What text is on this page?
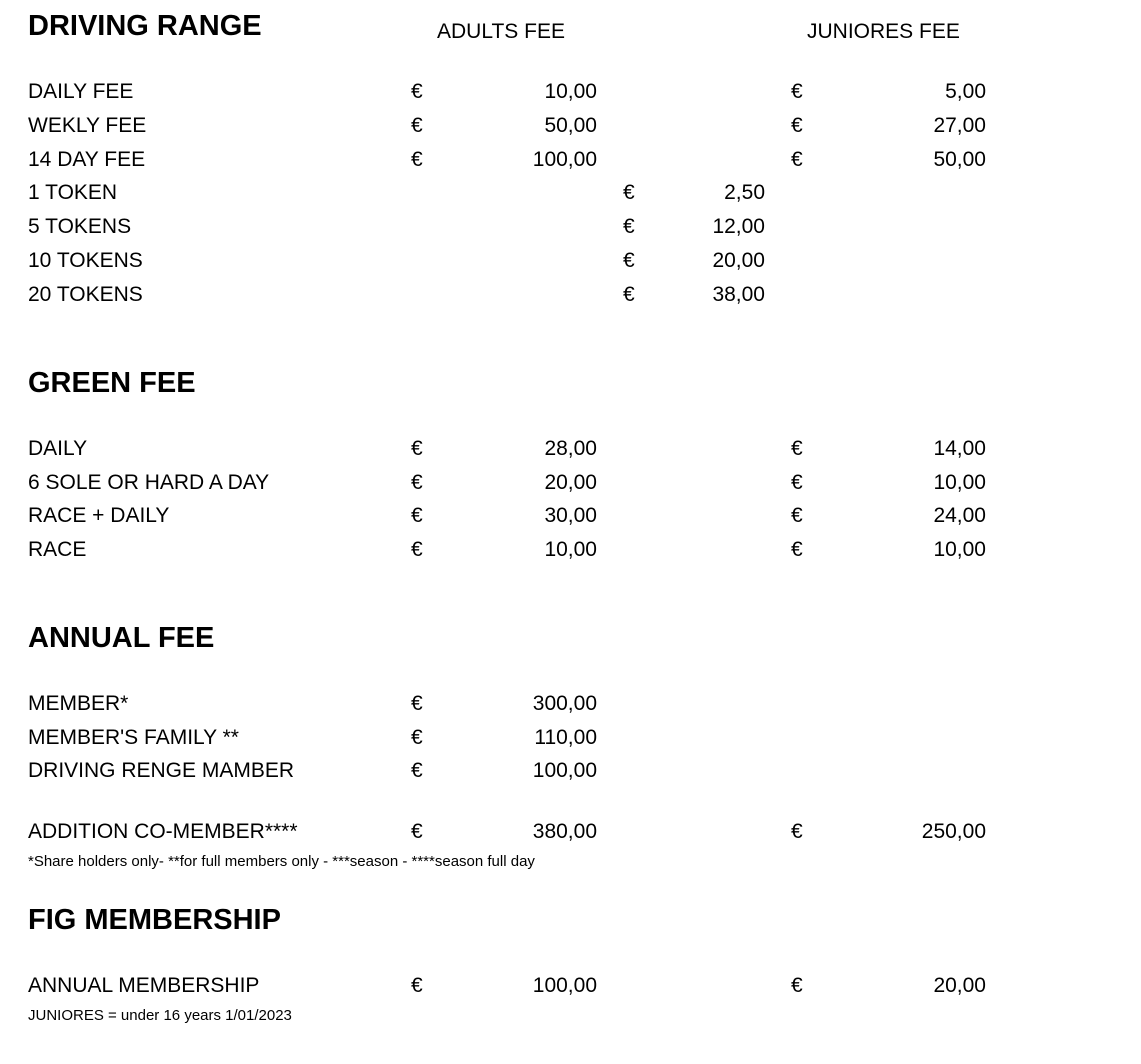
DRIVING RANGE	ADULTS FEE	JUNIORES FEE
DAILY FEE	€	10,00	€	5,00
WEKLY FEE	€	50,00	€	27,00
14 DAY FEE	€	100,00	€	50,00
1 TOKEN	€	2,50
5 TOKENS	€	12,00
10 TOKENS	€	20,00
20 TOKENS	€	38,00
GREEN FEE
DAILY	€	28,00	€	14,00
6 SOLE OR HARD A DAY	€	20,00	€	10,00
RACE + DAILY	€	30,00	€	24,00
RACE	€	10,00	€	10,00
ANNUAL FEE
MEMBER*	€	300,00
MEMBER'S FAMILY **	€	110,00
DRIVING RENGE MAMBER	€	100,00
ADDITION CO-MEMBER****	€	380,00	€	250,00
*Share holders only- **for full members only - ***season - ****season full day
FIG MEMBERSHIP
ANNUAL MEMBERSHIP	€	100,00	€	20,00
JUNIORES = under 16 years 1/01/2023
